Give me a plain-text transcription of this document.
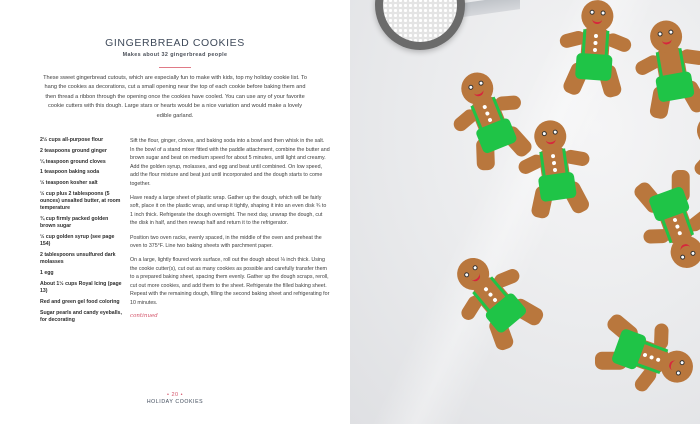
GINGERBREAD COOKIES
Makes about 32 gingerbread people

These sweet gingerbread cutouts, which are especially fun to make with kids, top my holiday cookie list. To hang the cookies as decorations, cut a small opening near the top of each cookie before baking them and then thread a ribbon through the opening once the cookies have cooled. You can use any of your favorite cookie cutters with this dough. Large stars or hearts would be a nice variation and would make a lovely edible garland.

2½ cups all-purpose flour
2 teaspoons ground ginger
¼ teaspoon ground cloves
1 teaspoon baking soda
½ teaspoon kosher salt
½ cup plus 2 tablespoons (5 ounces) unsalted butter, at room temperature
¾ cup firmly packed golden brown sugar
½ cup golden syrup (see page 154)
2 tablespoons unsulfured dark molasses
1 egg
About 1½ cups Royal Icing (page 13)
Red and green gel food coloring
Sugar pearls and candy eyeballs, for decorating

Sift the flour, ginger, cloves, and baking soda into a bowl and then whisk in the salt. In the bowl of a stand mixer fitted with the paddle attachment, combine the butter and brown sugar and beat on medium speed for about 5 minutes, until light and creamy. Add the golden syrup, molasses, and egg and beat until combined. On low speed, add the flour mixture and beat just until incorporated and the dough starts to come together.

Have ready a large sheet of plastic wrap. Gather up the dough, which will be fairly soft, place it on the plastic wrap, and wrap it tightly, shaping it into an even disk ¾ to 1 inch thick. Refrigerate the dough overnight. The next day, unwrap the dough, cut the disk in half, and then rewrap half and return it to the refrigerator.

Position two oven racks, evenly spaced, in the middle of the oven and preheat the oven to 375°F. Line two baking sheets with parchment paper.

On a large, lightly floured work surface, roll out the dough about ⅛ inch thick. Using the cookie cutter(s), cut out as many cookies as possible and carefully transfer them to a prepared baking sheet, spacing them evenly. Gather up the dough scraps, reroll, cut out more cookies, and add them to the sheet. Refrigerate the filled baking sheet. Repeat with the remaining dough, filling the second baking sheet and refrigerating for 10 minutes.

continued
• 20 •
HOLIDAY COOKIES
